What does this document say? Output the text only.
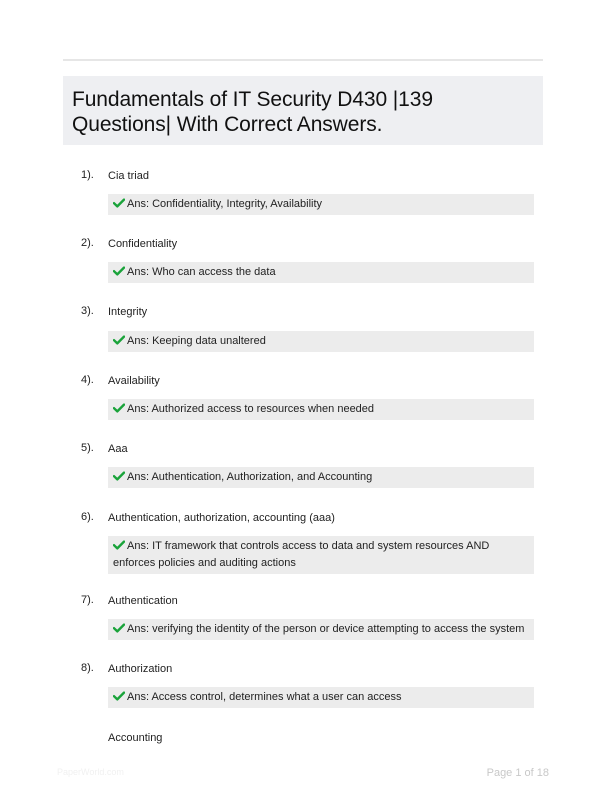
Fundamentals of IT Security D430 |139 Questions| With Correct Answers.
1). Cia triad
Ans: Confidentiality, Integrity, Availability
2). Confidentiality
Ans: Who can access the data
3). Integrity
Ans: Keeping data unaltered
4). Availability
Ans: Authorized access to resources when needed
5). Aaa
Ans: Authentication, Authorization, and Accounting
6). Authentication, authorization, accounting (aaa)
Ans: IT framework that controls access to data and system resources AND enforces policies and auditing actions
7). Authentication
Ans: verifying the identity of the person or device attempting to access the system
8). Authorization
Ans: Access control, determines what a user can access
Accounting
PaperWorld.com	Page 1 of 18
